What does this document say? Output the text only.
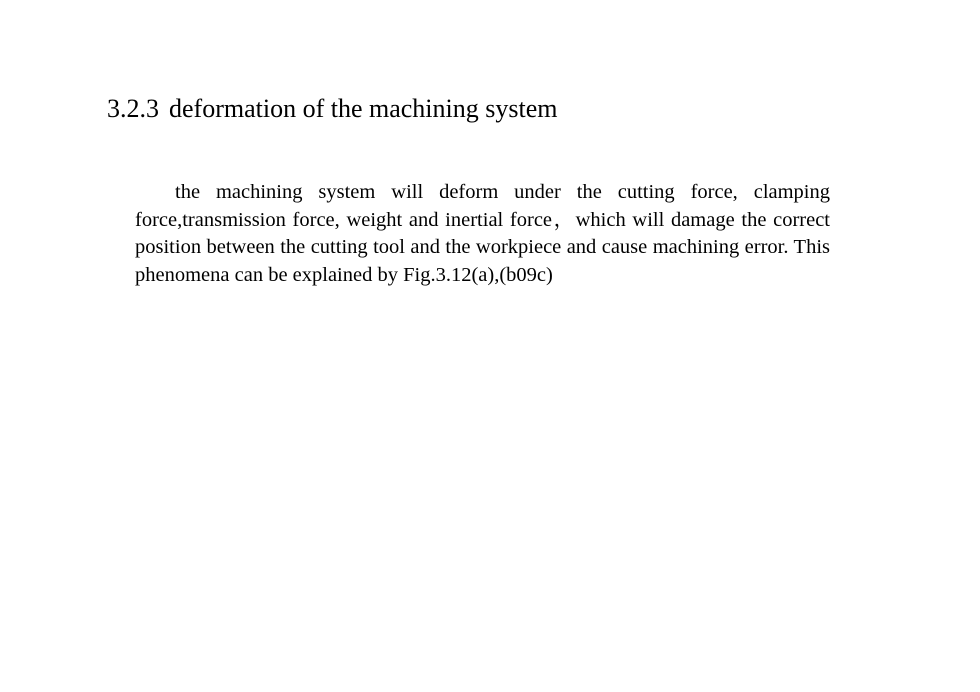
3.2.3 deformation of the machining system

the machining system will deform under the cutting force, clamping force,transmission force, weight and inertial force，which will damage the correct position between the cutting tool and the workpiece and cause machining error. This phenomena can be explained by Fig.3.12(a),(b09c)
